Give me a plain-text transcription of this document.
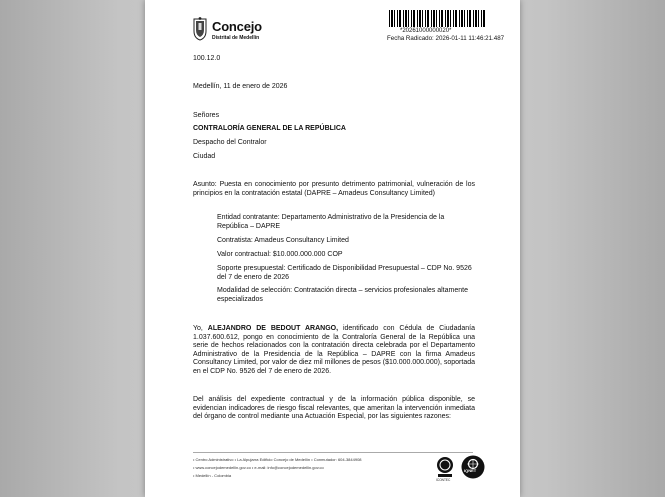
Concejo
Distrital de Medellín
*20261000000020*
Fecha Radicado: 2026-01-11 11:46:21.487
100.12.0
Medellín, 11 de enero de 2026
Señores
CONTRALORÍA GENERAL DE LA REPÚBLICA
Despacho del Contralor
Ciudad
Asunto: Puesta en conocimiento por presunto detrimento patrimonial, vulneración de los principios en la contratación estatal (DAPRE – Amadeus Consultancy Limited)
Entidad contratante: Departamento Administrativo de la Presidencia de la República – DAPRE
Contratista: Amadeus Consultancy Limited
Valor contractual: $10.000.000.000 COP
Soporte presupuestal: Certificado de Disponibilidad Presupuestal – CDP No. 9526 del 7 de enero de 2026
Modalidad de selección: Contratación directa – servicios profesionales altamente especializados
Yo, ALEJANDRO DE BEDOUT ARANGO, identificado con Cédula de Ciudadanía 1.037.600.612, pongo en conocimiento de la Contraloría General de la República una serie de hechos relacionados con la contratación directa celebrada por el Departamento Administrativo de la Presidencia de la República – DAPRE con la firma Amadeus Consultancy Limited, por valor de diez mil millones de pesos ($10.000.000.000), soportada en el CDP No. 9526 del 7 de enero de 2026.
Del análisis del expediente contractual y de la información pública disponible, se evidencian indicadores de riesgo fiscal relevantes, que ameritan la intervención inmediata del órgano de control mediante una Actuación Especial, por las siguientes razones:
• Centro Administrativo • La Alpujarra Edificio Concejo de Medellín • Conmutador: 604-3844908
• www.concejodemedellin.gov.co • e-mail: info@concejodemedellin.gov.co
• Medellín - Colombia
ICONTEC
IQNET
